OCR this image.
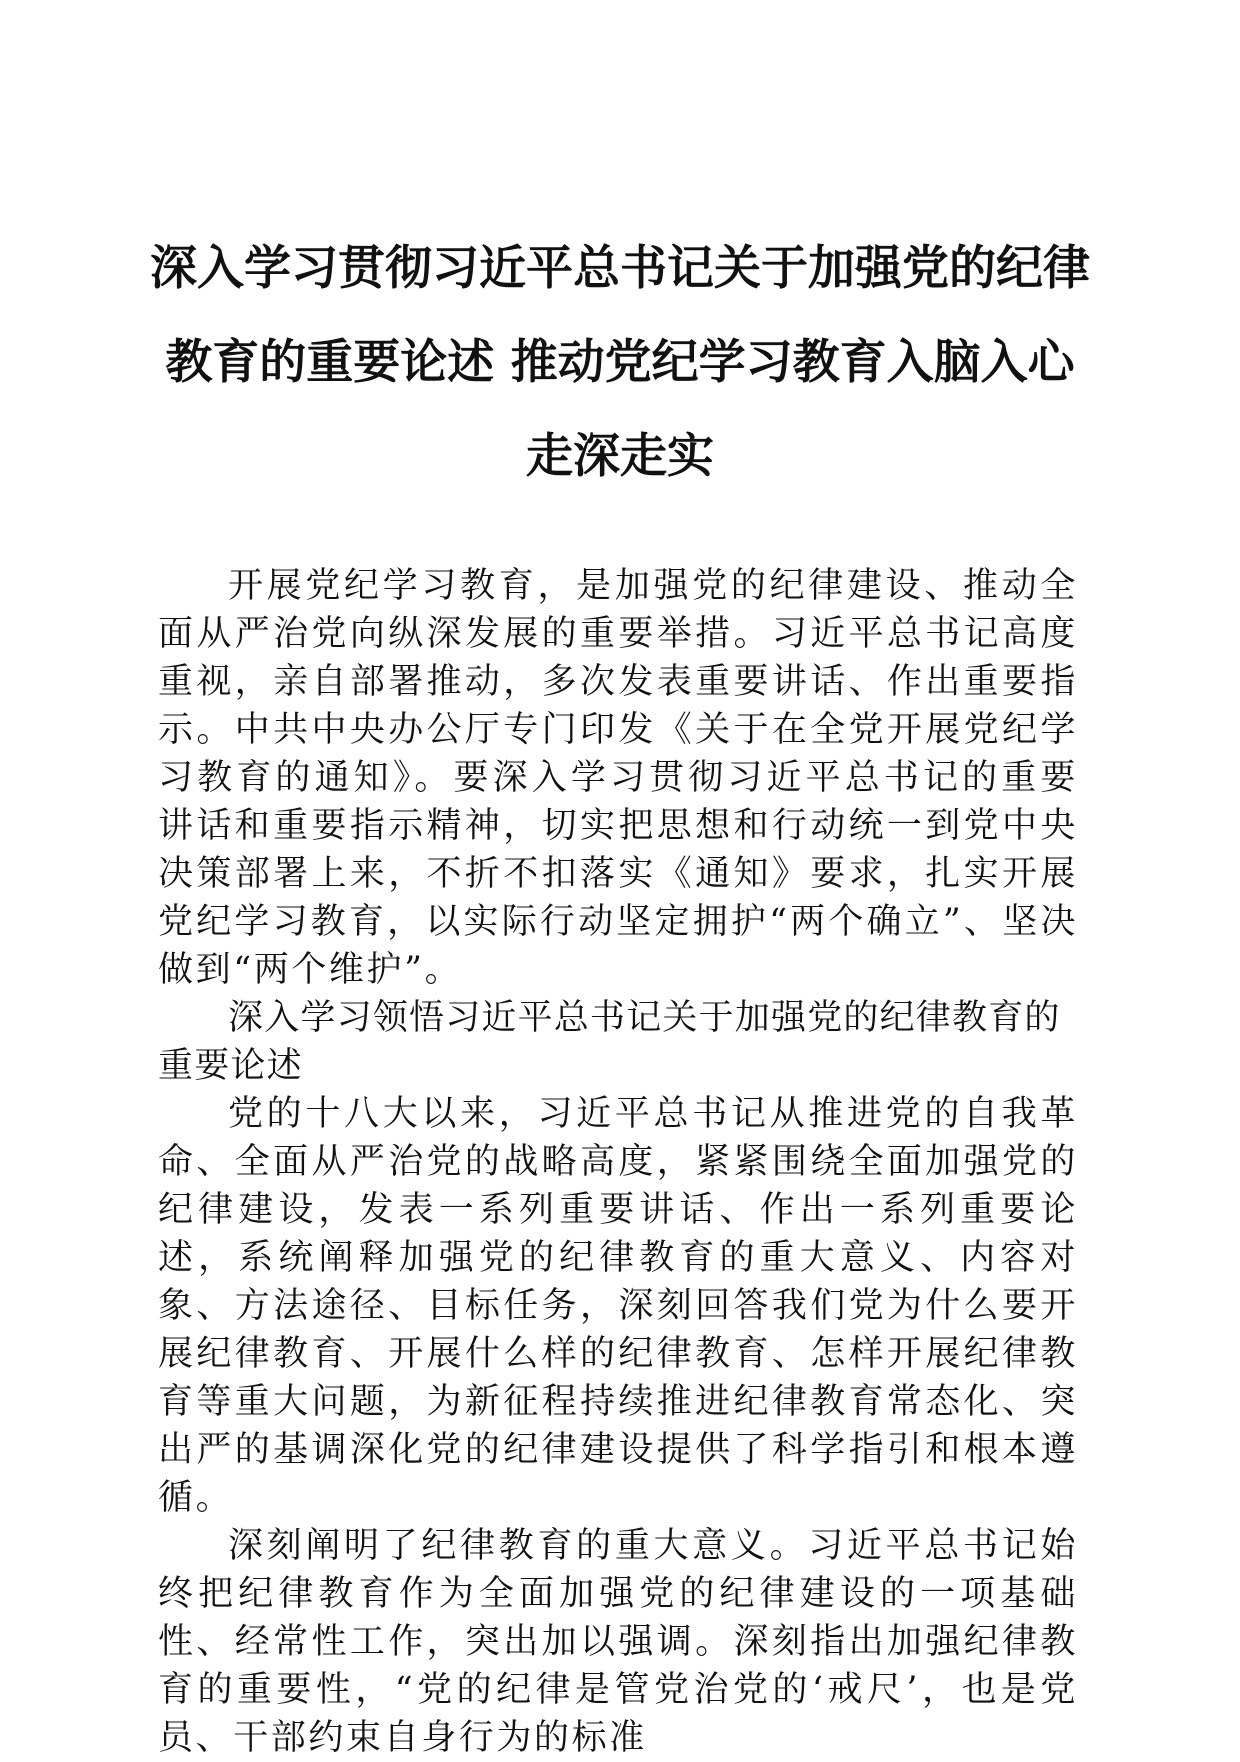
深入学习贯彻习近平总书记关于加强党的纪律
教育的重要论述 推动党纪学习教育入脑入心
走深走实

开展党纪学习教育，是加强党的纪律建设、推动全面从严治党向纵深发展的重要举措。习近平总书记高度重视，亲自部署推动，多次发表重要讲话、作出重要指示。中共中央办公厅专门印发《关于在全党开展党纪学习教育的通知》。要深入学习贯彻习近平总书记的重要讲话和重要指示精神，切实把思想和行动统一到党中央决策部署上来，不折不扣落实《通知》要求，扎实开展党纪学习教育，以实际行动坚定拥护“两个确立”、坚决做到“两个维护”。

深入学习领悟习近平总书记关于加强党的纪律教育的重要论述

党的十八大以来，习近平总书记从推进党的自我革命、全面从严治党的战略高度，紧紧围绕全面加强党的纪律建设，发表一系列重要讲话、作出一系列重要论述，系统阐释加强党的纪律教育的重大意义、内容对象、方法途径、目标任务，深刻回答我们党为什么要开展纪律教育、开展什么样的纪律教育、怎样开展纪律教育等重大问题，为新征程持续推进纪律教育常态化、突出严的基调深化党的纪律建设提供了科学指引和根本遵循。

深刻阐明了纪律教育的重大意义。习近平总书记始终把纪律教育作为全面加强党的纪律建设的一项基础性、经常性工作，突出加以强调。深刻指出加强纪律教育的重要性，“党的纪律是管党治党的‘戒尺’，也是党员、干部约束自身行为的标准
